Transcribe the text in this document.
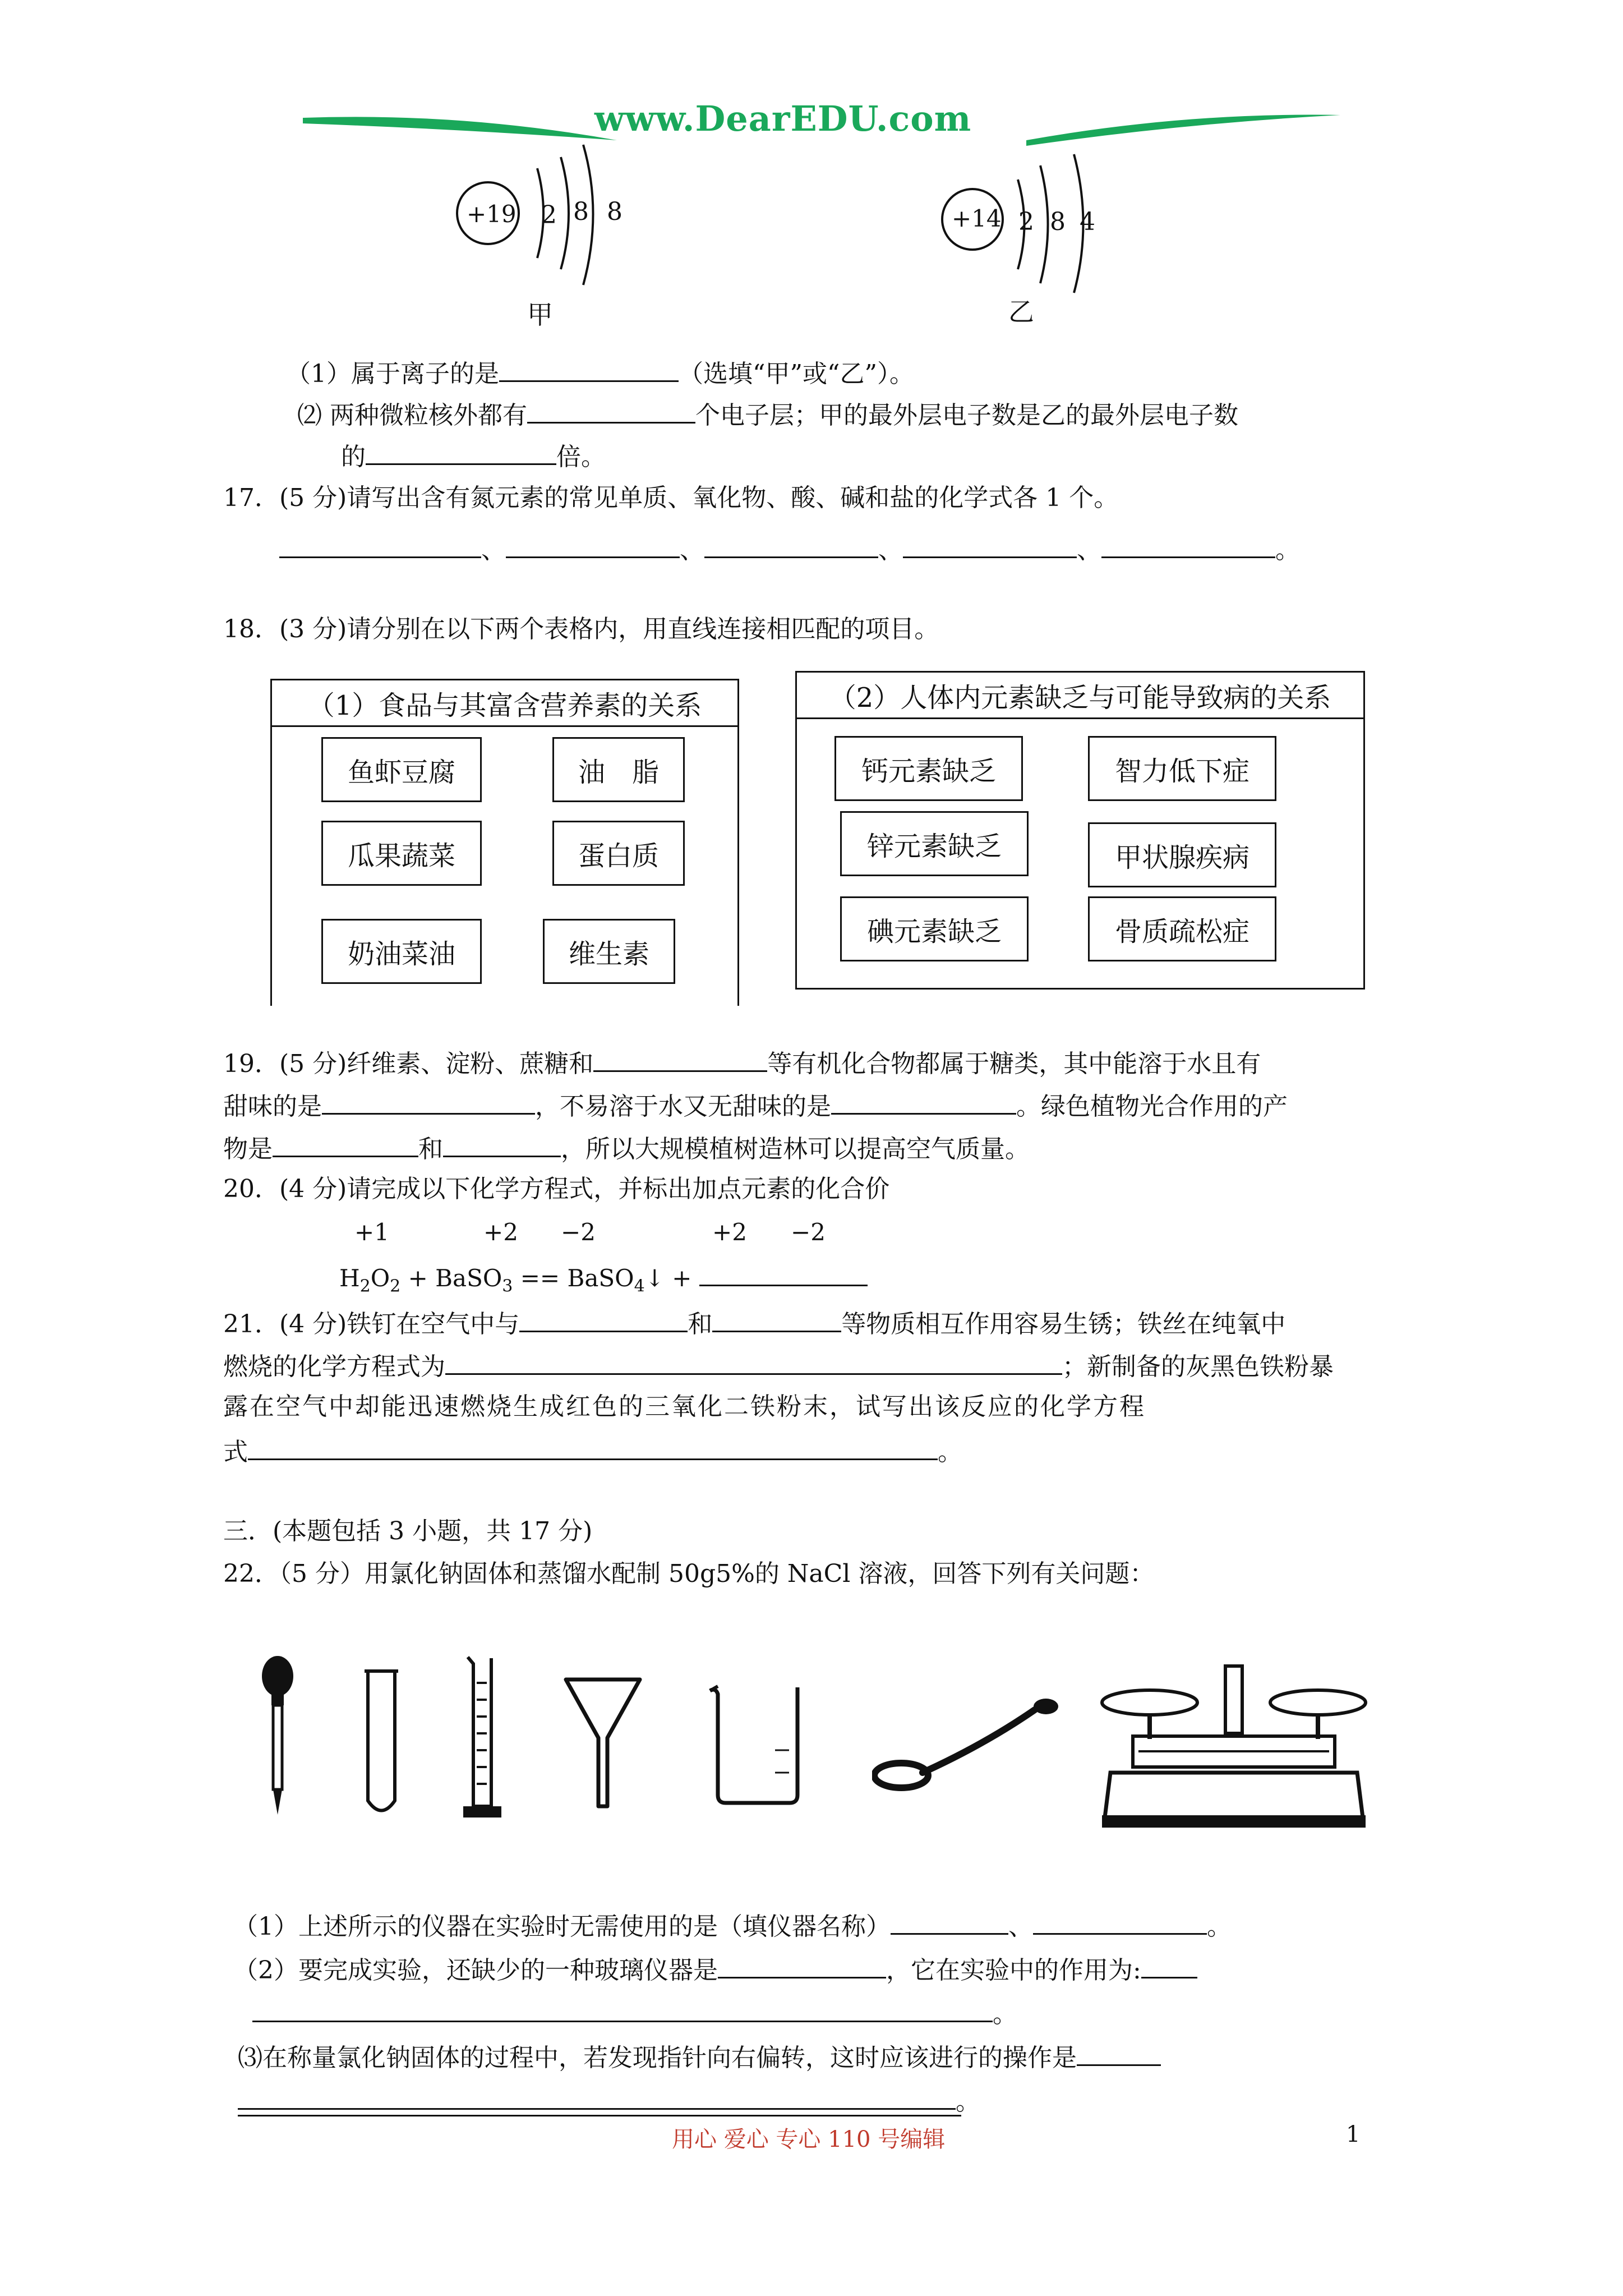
www.DearEDU.com
+19 2 8 8
甲
+14 2 8 4
乙
（1）属于离子的是	（选填“甲”或“乙”）。
⑵ 两种微粒核外都有	个电子层；甲的最外层电子数是乙的最外层电子数
的	倍。
17．(5 分)请写出含有氮元素的常见单质、氧化物、酸、碱和盐的化学式各 1 个。
、	、	、	、	。
18．(3 分)请分别在以下两个表格内，用直线连接相匹配的项目。
（1）食品与其富含营养素的关系
鱼虾豆腐	油　脂
瓜果蔬菜	蛋白质
奶油菜油	维生素
（2）人体内元素缺乏与可能导致病的关系
钙元素缺乏	智力低下症
锌元素缺乏	甲状腺疾病
碘元素缺乏	骨质疏松症
19．(5 分)纤维素、淀粉、蔗糖和	等有机化合物都属于糖类，其中能溶于水且有
甜味的是	，不易溶于水又无甜味的是	。绿色植物光合作用的产
物是	和	，所以大规模植树造林可以提高空气质量。
20．(4 分)请完成以下化学方程式，并标出加点元素的化合价
+1	+2 −2	+2 −2
$H_2O_2$ + BaSO$_3$ == BaSO$_4$↓ +
21．(4 分)铁钉在空气中与	和	等物质相互作用容易生锈；铁丝在纯氧中
燃烧的化学方程式为	；新制备的灰黑色铁粉暴
露在空气中却能迅速燃烧生成红色的三氧化二铁粉末，试写出该反应的化学方程
式	。
三．(本题包括 3 小题，共 17 分)
22．（5 分）用氯化钠固体和蒸馏水配制 50g5%的 NaCl 溶液，回答下列有关问题：
（1）上述所示的仪器在实验时无需使用的是（填仪器名称）	、	。
（2）要完成实验，还缺少的一种玻璃仪器是	，它在实验中的作用为:
。
⑶在称量氯化钠固体的过程中，若发现指针向右偏转，这时应该进行的操作是
。
用心 爱心 专心 110 号编辑	1
